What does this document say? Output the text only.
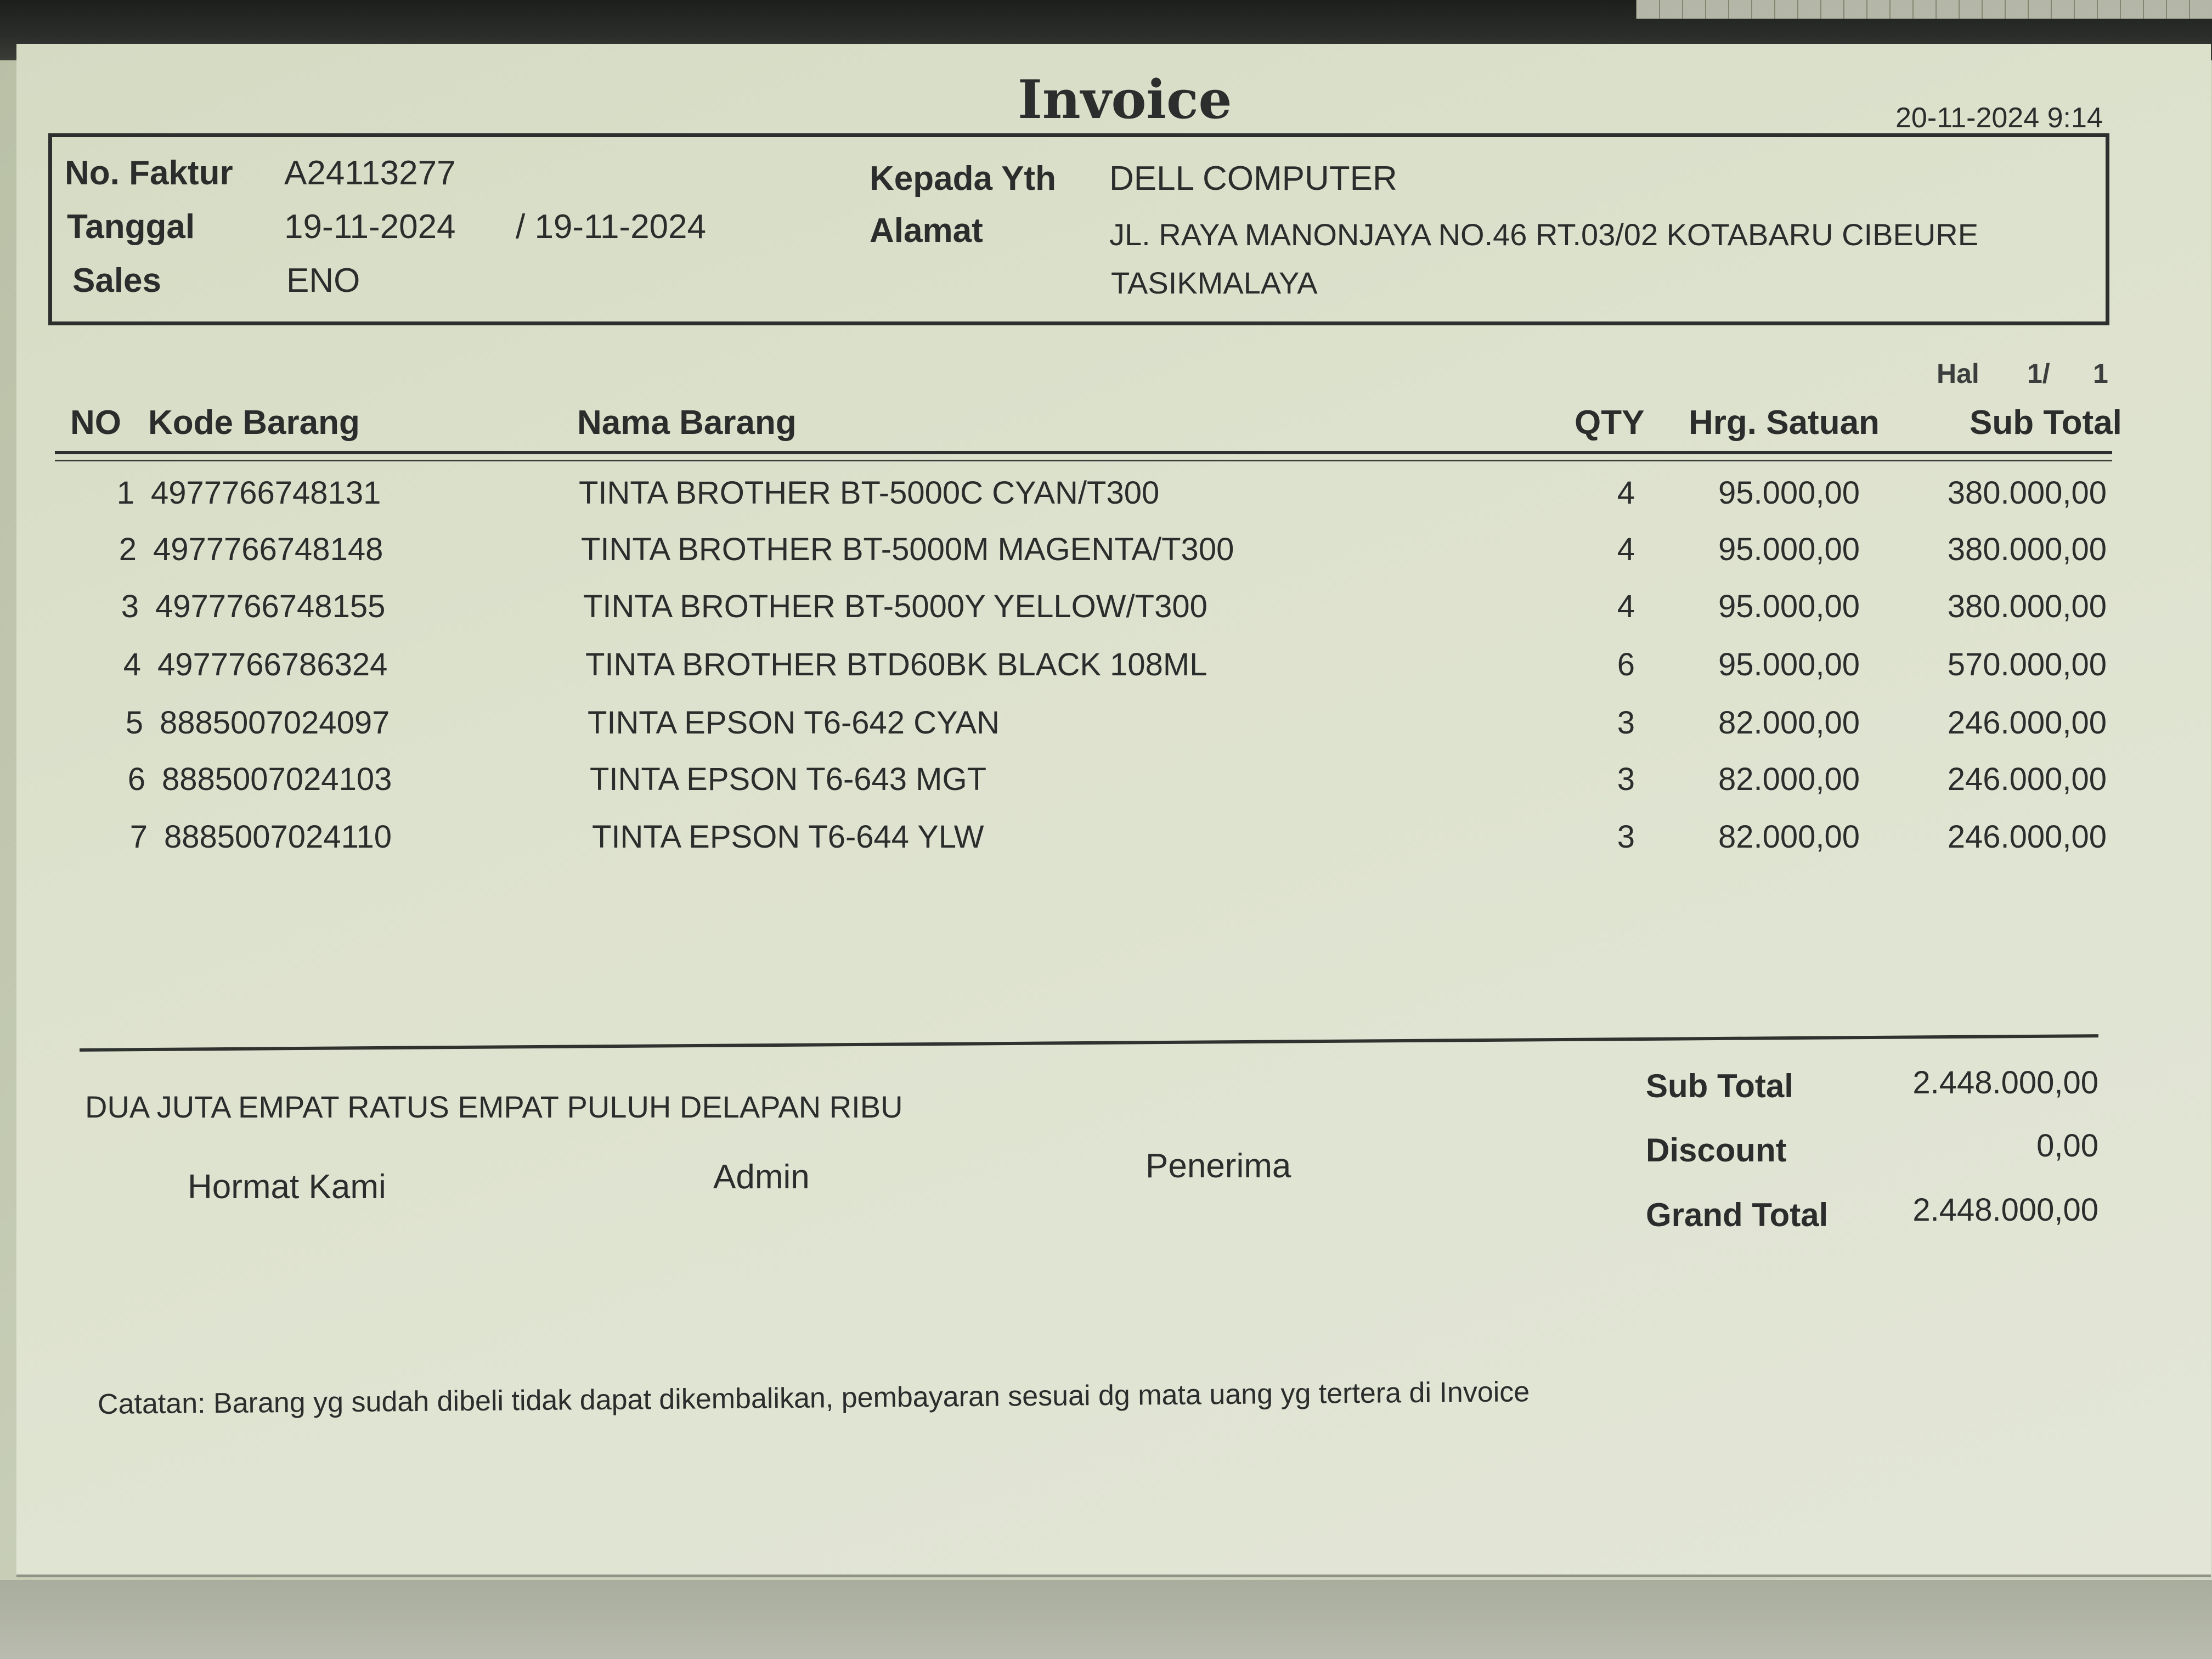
Invoice	20-11-2024 9:14
No. Faktur A24113277
Tanggal	19-11-2024 / 19-11-2024
Sales	ENO
Kepada Yth DELL COMPUTER
Alamat	JL. RAYA MANONJAYA NO.46 RT.03/02 KOTABARU CIBEURE
TASIKMALAYA
Hal 1/ 1
NO Kode Barang	Nama Barang	QTY Hrg. Satuan	Sub Total
1 4977766748131	TINTA BROTHER BT-5000C CYAN/T300	4	95.000,00	380.000,00
2 4977766748148	TINTA BROTHER BT-5000M MAGENTA/T300	4	95.000,00	380.000,00
3 4977766748155	TINTA BROTHER BT-5000Y YELLOW/T300	4	95.000,00	380.000,00
4 4977766786324	TINTA BROTHER BTD60BK BLACK 108ML	6	95.000,00	570.000,00
5 8885007024097	TINTA EPSON T6-642 CYAN	3	82.000,00	246.000,00
6 8885007024103	TINTA EPSON T6-643 MGT	3	82.000,00	246.000,00
7 8885007024110	TINTA EPSON T6-644 YLW	3	82.000,00	246.000,00
DUA JUTA EMPAT RATUS EMPAT PULUH DELAPAN RIBU
Hormat Kami	Admin	Penerima
Sub Total	2.448.000,00
Discount	0,00
Grand Total	2.448.000,00
Catatan: Barang yg sudah dibeli tidak dapat dikembalikan, pembayaran sesuai dg mata uang yg tertera di Invoice
